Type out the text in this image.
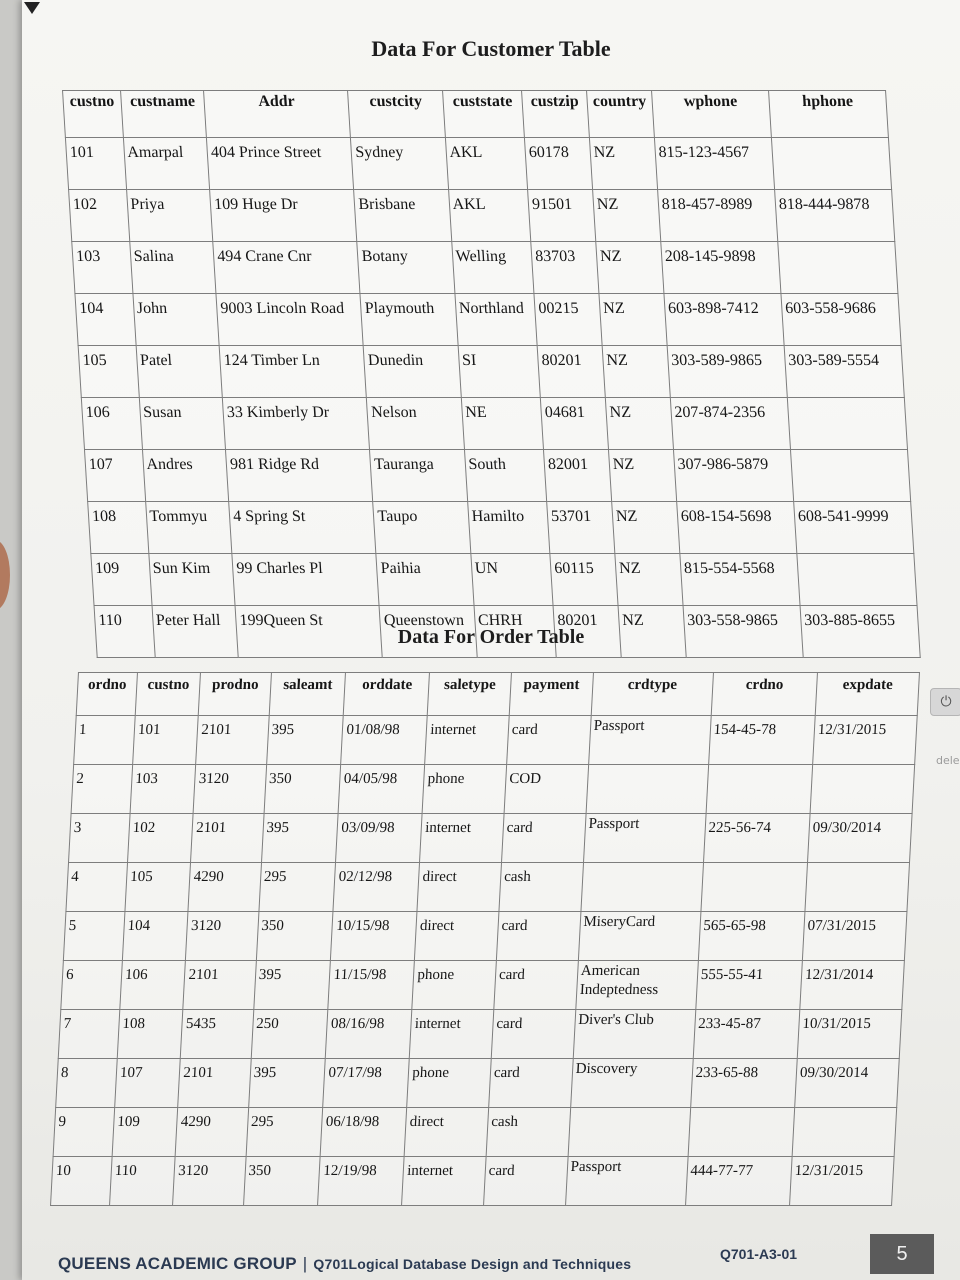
Data For Customer Table
custno	custname	Addr	custcity	custstate	custzip	country	wphone	hphone
101	Amarpal	404 Prince Street	Sydney	AKL	60178	NZ	815-123-4567	
102	Priya	109 Huge Dr	Brisbane	AKL	91501	NZ	818-457-8989	818-444-9878
103	Salina	494 Crane Cnr	Botany	Welling	83703	NZ	208-145-9898	
104	John	9003 Lincoln Road	Playmouth	Northland	00215	NZ	603-898-7412	603-558-9686
105	Patel	124 Timber Ln	Dunedin	SI	80201	NZ	303-589-9865	303-589-5554
106	Susan	33 Kimberly Dr	Nelson	NE	04681	NZ	207-874-2356	
107	Andres	981 Ridge Rd	Tauranga	South	82001	NZ	307-986-5879	
108	Tommyu	4 Spring St	Taupo	Hamilto	53701	NZ	608-154-5698	608-541-9999
109	Sun Kim	99 Charles Pl	Paihia	UN	60115	NZ	815-554-5568	
110	Peter Hall	199Queen St	Queenstown	CHRH	80201	NZ	303-558-9865	303-885-8655
Data For Order Table
ordno	custno	prodno	saleamt	orddate	saletype	payment	crdtype	crdno	expdate
1	101	2101	395	01/08/98	internet	card	Passport	154-45-78	12/31/2015
2	103	3120	350	04/05/98	phone	COD			
3	102	2101	395	03/09/98	internet	card	Passport	225-56-74	09/30/2014
4	105	4290	295	02/12/98	direct	cash			
5	104	3120	350	10/15/98	direct	card	MiseryCard	565-65-98	07/31/2015
6	106	2101	395	11/15/98	phone	card	American Indeptedness	555-55-41	12/31/2014
7	108	5435	250	08/16/98	internet	card	Diver's Club	233-45-87	10/31/2015
8	107	2101	395	07/17/98	phone	card	Discovery	233-65-88	09/30/2014
9	109	4290	295	06/18/98	direct	cash			
10	110	3120	350	12/19/98	internet	card	Passport	444-77-77	12/31/2015
QUEENS ACADEMIC GROUP | Q701Logical Database Design and Techniques
Q701-A3-01	5
⏻
dele
